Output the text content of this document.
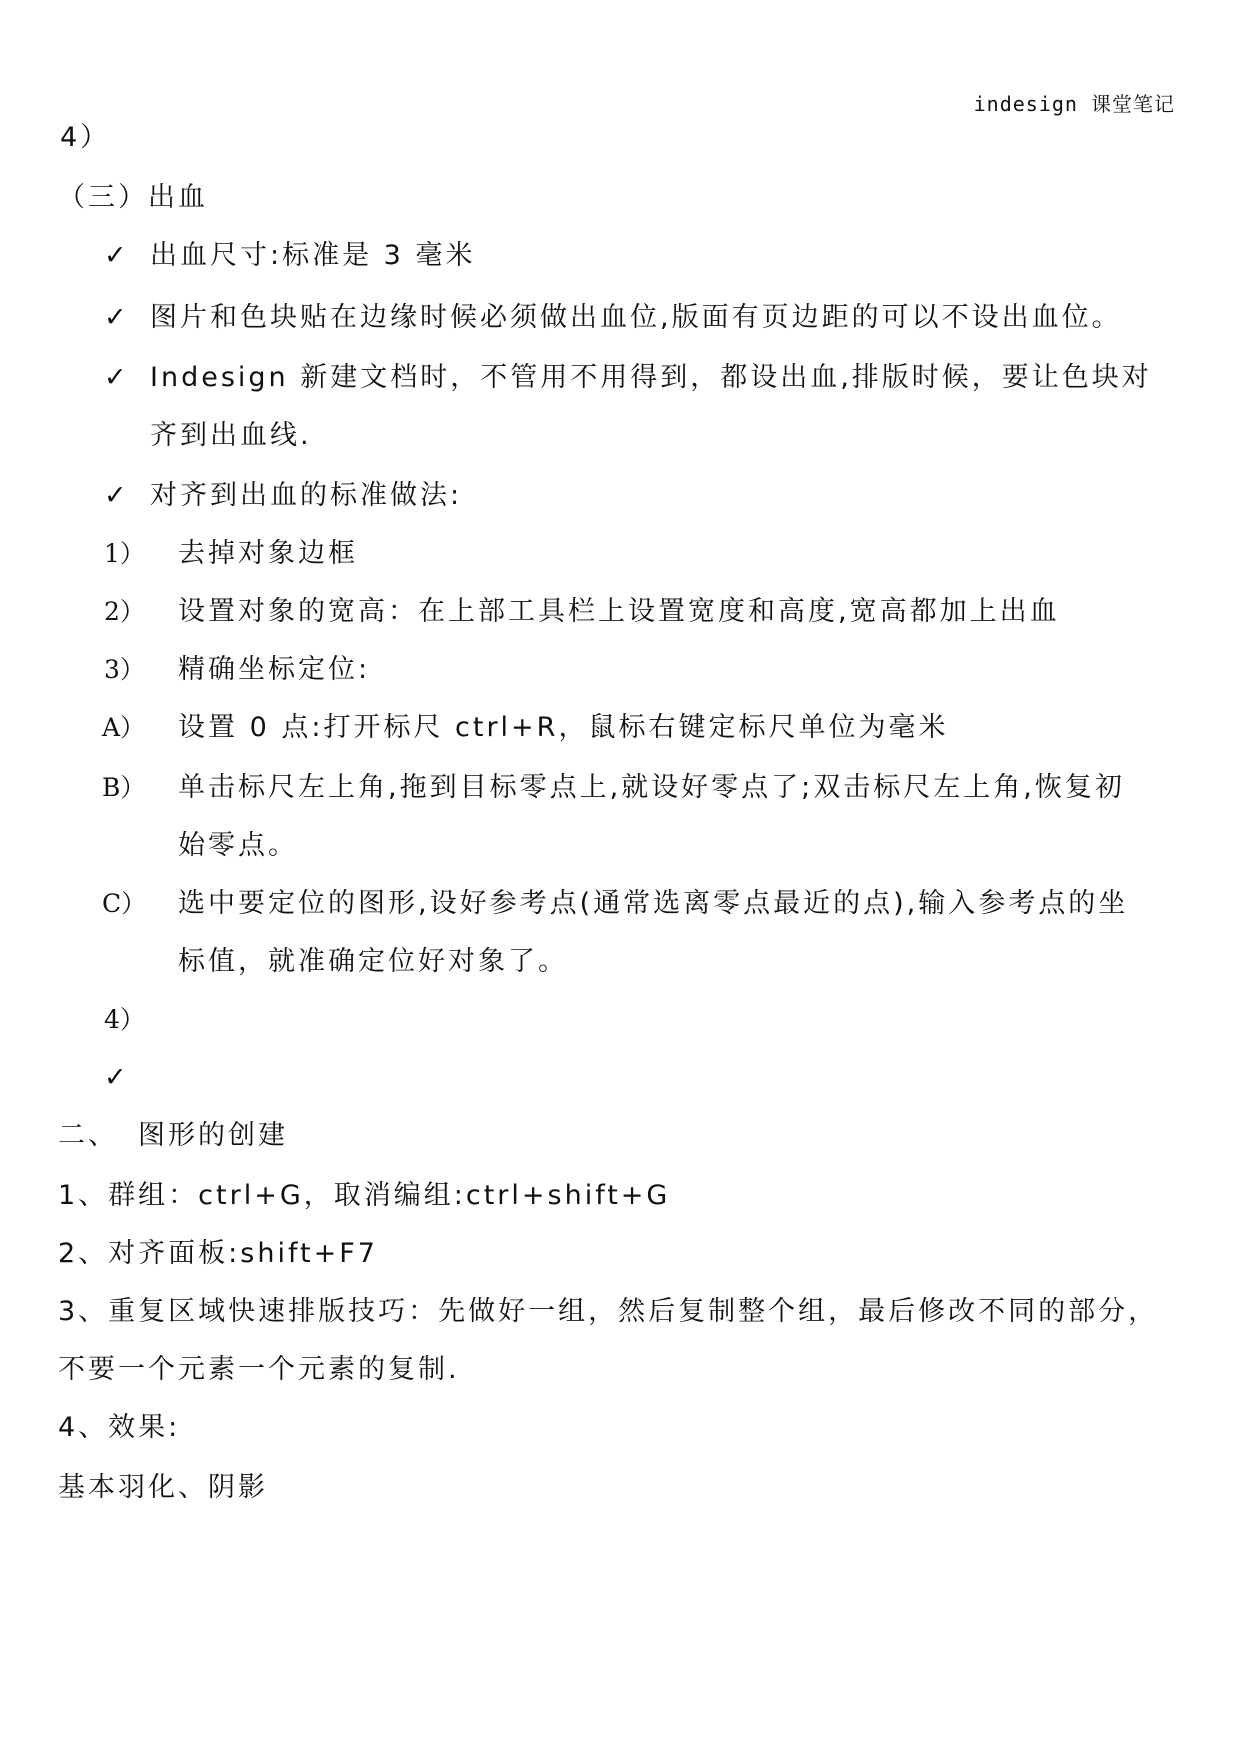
indesign 课堂笔记
4）
（三）出血
✓ 出血尺寸:标准是 3 毫米
✓ 图片和色块贴在边缘时候必须做出血位,版面有页边距的可以不设出血位。
✓ Indesign 新建文档时，不管用不用得到，都设出血,排版时候，要让色块对
齐到出血线.
✓ 对齐到出血的标准做法:
1） 去掉对象边框
2） 设置对象的宽高：在上部工具栏上设置宽度和高度,宽高都加上出血
3） 精确坐标定位:
A） 设置 0 点:打开标尺 ctrl+R，鼠标右键定标尺单位为毫米
B） 单击标尺左上角,拖到目标零点上,就设好零点了;双击标尺左上角,恢复初
始零点。
C） 选中要定位的图形,设好参考点(通常选离零点最近的点),输入参考点的坐
标值，就准确定位好对象了。
4）
✓
二、 图形的创建
1、群组：ctrl+G，取消编组:ctrl+shift+G
2、对齐面板:shift+F7
3、重复区域快速排版技巧：先做好一组，然后复制整个组，最后修改不同的部分，
不要一个元素一个元素的复制.
4、效果:
基本羽化、阴影
